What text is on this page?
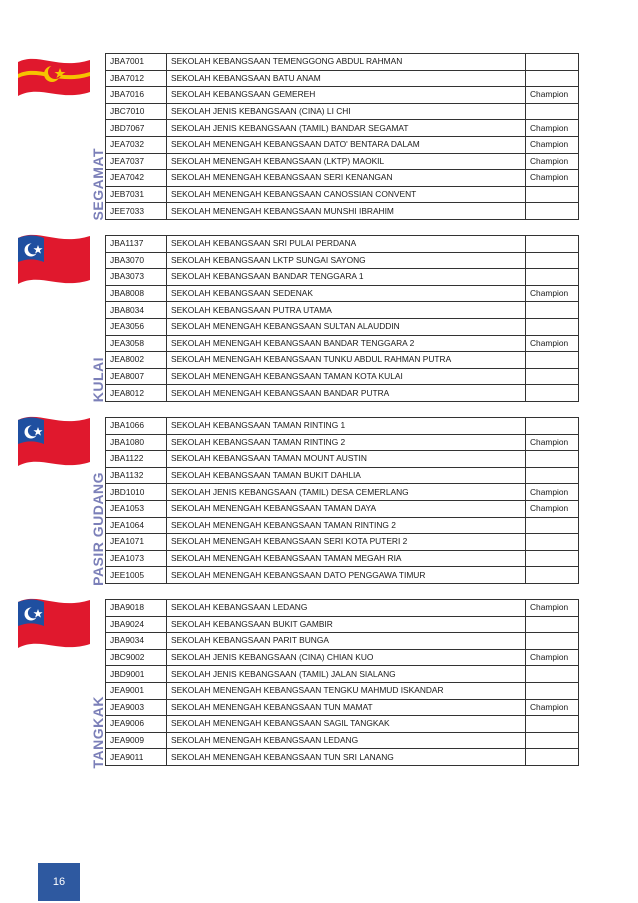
SEGAMAT
JBA7001	SEKOLAH KEBANGSAAN TEMENGGONG ABDUL RAHMAN	
JBA7012	SEKOLAH KEBANGSAAN BATU ANAM	
JBA7016	SEKOLAH KEBANGSAAN GEMEREH	Champion
JBC7010	SEKOLAH JENIS KEBANGSAAN (CINA) LI CHI	
JBD7067	SEKOLAH JENIS KEBANGSAAN (TAMIL) BANDAR SEGAMAT	Champion
JEA7032	SEKOLAH MENENGAH KEBANGSAAN DATO' BENTARA DALAM	Champion
JEA7037	SEKOLAH MENENGAH KEBANGSAAN (LKTP) MAOKIL	Champion
JEA7042	SEKOLAH MENENGAH KEBANGSAAN SERI KENANGAN	Champion
JEB7031	SEKOLAH MENENGAH KEBANGSAAN CANOSSIAN CONVENT	
JEE7033	SEKOLAH MENENGAH KEBANGSAAN MUNSHI IBRAHIM	
KULAI
JBA1137	SEKOLAH KEBANGSAAN SRI PULAI PERDANA	
JBA3070	SEKOLAH KEBANGSAAN LKTP SUNGAI SAYONG	
JBA3073	SEKOLAH KEBANGSAAN BANDAR TENGGARA 1	
JBA8008	SEKOLAH KEBANGSAAN SEDENAK	Champion
JBA8034	SEKOLAH KEBANGSAAN PUTRA UTAMA	
JEA3056	SEKOLAH MENENGAH KEBANGSAAN SULTAN ALAUDDIN	
JEA3058	SEKOLAH MENENGAH KEBANGSAAN BANDAR TENGGARA 2	Champion
JEA8002	SEKOLAH MENENGAH KEBANGSAAN TUNKU ABDUL RAHMAN PUTRA	
JEA8007	SEKOLAH MENENGAH KEBANGSAAN TAMAN KOTA KULAI	
JEA8012	SEKOLAH MENENGAH KEBANGSAAN BANDAR PUTRA	
PASIR GUDANG
JBA1066	SEKOLAH KEBANGSAAN TAMAN RINTING 1	
JBA1080	SEKOLAH KEBANGSAAN TAMAN RINTING 2	Champion
JBA1122	SEKOLAH KEBANGSAAN TAMAN MOUNT AUSTIN	
JBA1132	SEKOLAH KEBANGSAAN TAMAN BUKIT DAHLIA	
JBD1010	SEKOLAH JENIS KEBANGSAAN (TAMIL) DESA CEMERLANG	Champion
JEA1053	SEKOLAH MENENGAH KEBANGSAAN TAMAN DAYA	Champion
JEA1064	SEKOLAH MENENGAH KEBANGSAAN TAMAN RINTING 2	
JEA1071	SEKOLAH MENENGAH KEBANGSAAN SERI KOTA PUTERI 2	
JEA1073	SEKOLAH MENENGAH KEBANGSAAN TAMAN MEGAH RIA	
JEE1005	SEKOLAH MENENGAH KEBANGSAAN DATO PENGGAWA TIMUR	
TANGKAK
JBA9018	SEKOLAH KEBANGSAAN LEDANG	Champion
JBA9024	SEKOLAH KEBANGSAAN BUKIT GAMBIR	
JBA9034	SEKOLAH KEBANGSAAN PARIT BUNGA	
JBC9002	SEKOLAH JENIS KEBANGSAAN (CINA) CHIAN KUO	Champion
JBD9001	SEKOLAH JENIS KEBANGSAAN (TAMIL) JALAN SIALANG	
JEA9001	SEKOLAH MENENGAH KEBANGSAAN TENGKU MAHMUD ISKANDAR	
JEA9003	SEKOLAH MENENGAH KEBANGSAAN TUN MAMAT	Champion
JEA9006	SEKOLAH MENENGAH KEBANGSAAN SAGIL TANGKAK	
JEA9009	SEKOLAH MENENGAH KEBANGSAAN LEDANG	
JEA9011	SEKOLAH MENENGAH KEBANGSAAN TUN SRI LANANG	
16
